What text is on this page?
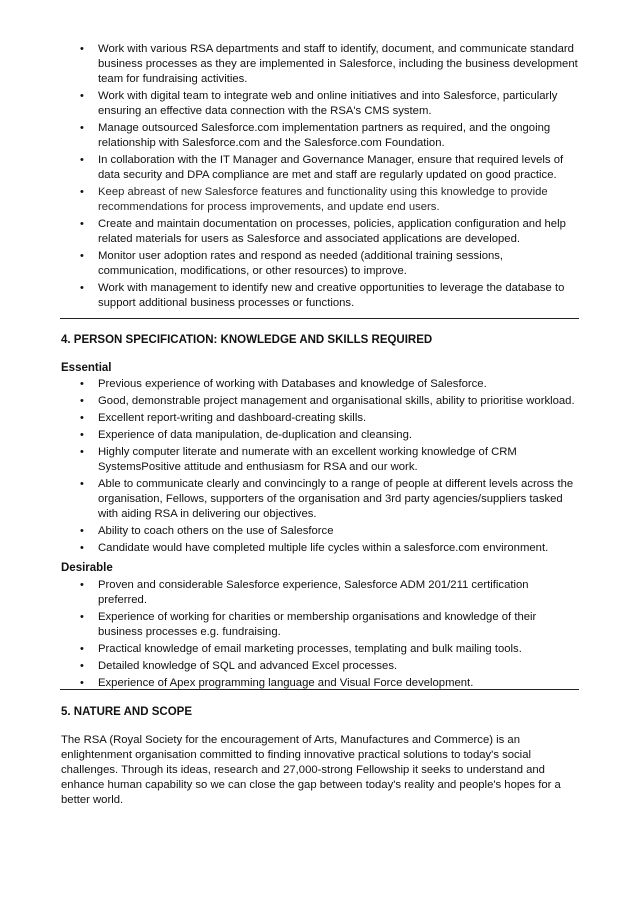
• Work with various RSA departments and staff to identify, document, and communicate standard business processes as they are implemented in Salesforce, including the business development team for fundraising activities.
• Work with digital team to integrate web and online initiatives and into Salesforce, particularly ensuring an effective data connection with the RSA's CMS system.
• Manage outsourced Salesforce.com implementation partners as required, and the ongoing relationship with Salesforce.com and the Salesforce.com Foundation.
• In collaboration with the IT Manager and Governance Manager, ensure that required levels of data security and DPA compliance are met and staff are regularly updated on good practice.
• Keep abreast of new Salesforce features and functionality using this knowledge to provide recommendations for process improvements, and update end users.
• Create and maintain documentation on processes, policies, application configuration and help related materials for users as Salesforce and associated applications are developed.
• Monitor user adoption rates and respond as needed (additional training sessions, communication, modifications, or other resources) to improve.
• Work with management to identify new and creative opportunities to leverage the database to support additional business processes or functions.
4. PERSON SPECIFICATION: KNOWLEDGE AND SKILLS REQUIRED
Essential
• Previous experience of working with Databases and knowledge of Salesforce.
• Good, demonstrable project management and organisational skills, ability to prioritise workload.
• Excellent report-writing and dashboard-creating skills.
• Experience of data manipulation, de-duplication and cleansing.
• Highly computer literate and numerate with an excellent working knowledge of CRM SystemsPositive attitude and enthusiasm for RSA and our work.
• Able to communicate clearly and convincingly to a range of people at different levels across the organisation, Fellows, supporters of the organisation and 3rd party agencies/suppliers tasked with aiding RSA in delivering our objectives.
• Ability to coach others on the use of Salesforce
• Candidate would have completed multiple life cycles within a salesforce.com environment.
Desirable
• Proven and considerable Salesforce experience, Salesforce ADM 201/211 certification preferred.
• Experience of working for charities or membership organisations and knowledge of their business processes e.g. fundraising.
• Practical knowledge of email marketing processes, templating and bulk mailing tools.
• Detailed knowledge of SQL and advanced Excel processes.
• Experience of Apex programming language and Visual Force development.
5. NATURE AND SCOPE
The RSA (Royal Society for the encouragement of Arts, Manufactures and Commerce) is an enlightenment organisation committed to finding innovative practical solutions to today's social challenges. Through its ideas, research and 27,000-strong Fellowship it seeks to understand and enhance human capability so we can close the gap between today's reality and people's hopes for a better world.
